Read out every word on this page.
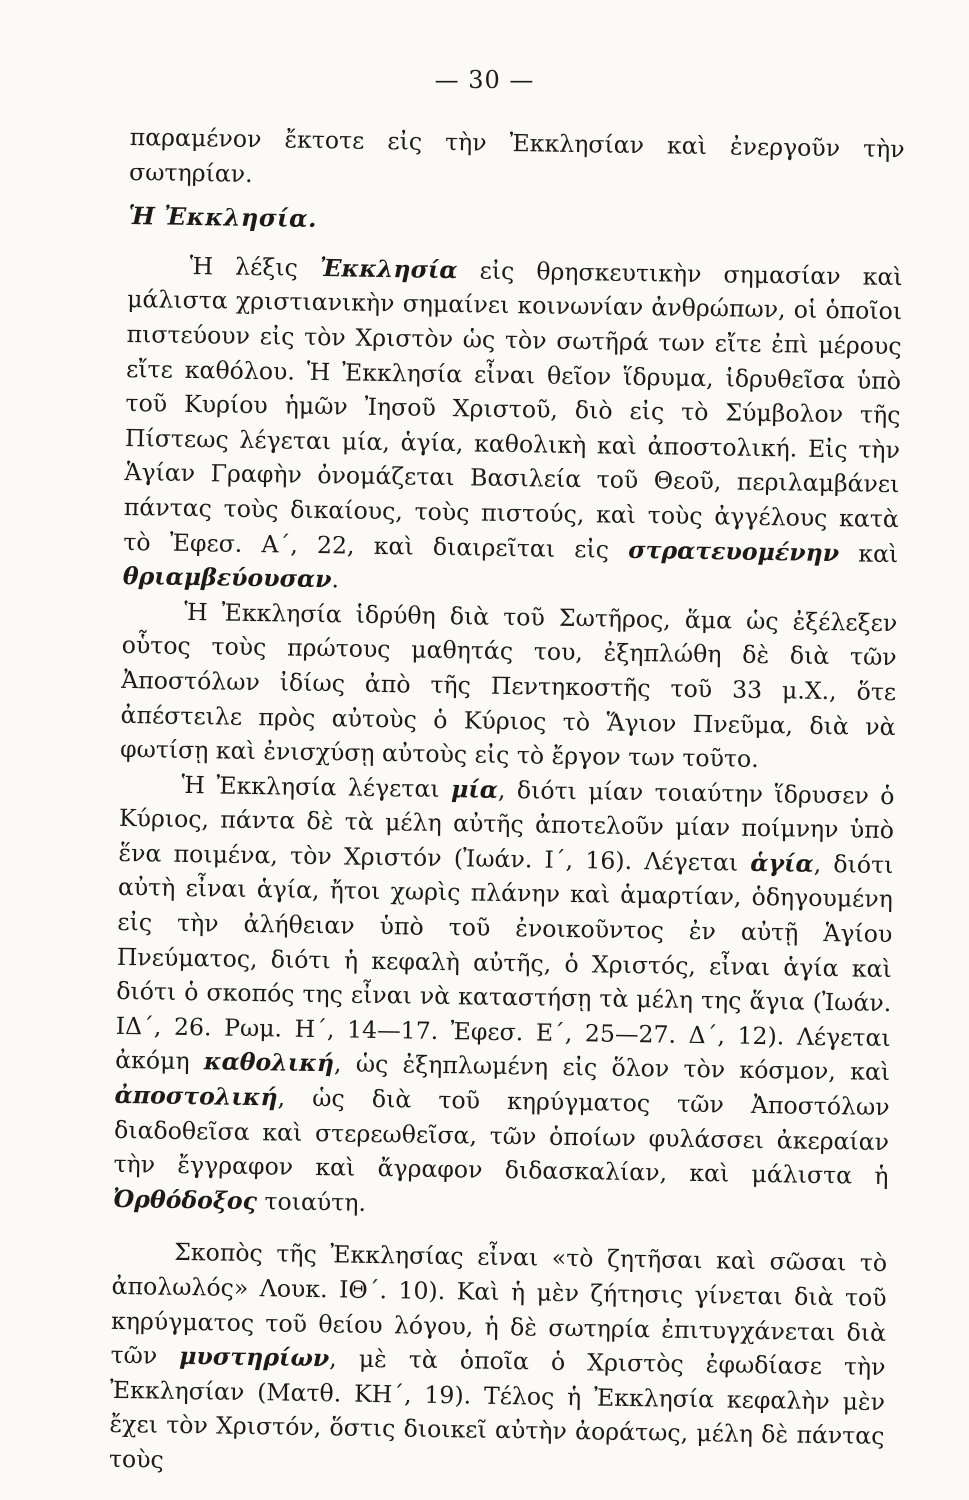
— 30 —

παραμένον ἔκτοτε εἰς τὴν Ἐκκλησίαν καὶ ἐνεργοῦν τὴν σωτηρίαν.

Ἡ Ἐκκλησία.

Ἡ λέξις Ἐκκλησία εἰς θρησκευτικὴν σημασίαν καὶ μάλιστα χριστιανικὴν σημαίνει κοινωνίαν ἀνθρώπων, οἱ ὁποῖοι πιστεύουν εἰς τὸν Χριστὸν ὡς τὸν σωτῆρά των εἴτε ἐπὶ μέρους εἴτε καθόλου. Ἡ Ἐκκλησία εἶναι θεῖον ἵδρυμα, ἱδρυθεῖσα ὑπὸ τοῦ Κυρίου ἡμῶν Ἰησοῦ Χριστοῦ, διὸ εἰς τὸ Σύμβολον τῆς Πίστεως λέγεται μία, ἁγία, καθολικὴ καὶ ἀποστολική. Εἰς τὴν Ἁγίαν Γραφὴν ὀνομάζεται Βασιλεία τοῦ Θεοῦ, περιλαμβάνει πάντας τοὺς δικαίους, τοὺς πιστούς, καὶ τοὺς ἀγγέλους κατὰ τὸ Ἐφεσ. Α΄, 22, καὶ διαιρεῖται εἰς στρατευομένην καὶ θριαμβεύουσαν.

Ἡ Ἐκκλησία ἱδρύθη διὰ τοῦ Σωτῆρος, ἅμα ὡς ἐξέλεξεν οὗτος τοὺς πρώτους μαθητάς του, ἐξηπλώθη δὲ διὰ τῶν Ἀποστόλων ἰδίως ἀπὸ τῆς Πεντηκοστῆς τοῦ 33 μ.Χ., ὅτε ἀπέστειλε πρὸς αὐτοὺς ὁ Κύριος τὸ Ἅγιον Πνεῦμα, διὰ νὰ φωτίσῃ καὶ ἐνισχύσῃ αὐτοὺς εἰς τὸ ἔργον των τοῦτο.

Ἡ Ἐκκλησία λέγεται μία, διότι μίαν τοιαύτην ἵδρυσεν ὁ Κύριος, πάντα δὲ τὰ μέλη αὐτῆς ἀποτελοῦν μίαν ποίμνην ὑπὸ ἕνα ποιμένα, τὸν Χριστόν (Ἰωάν. Ι΄, 16). Λέγεται ἁγία, διότι αὐτὴ εἶναι ἁγία, ἤτοι χωρὶς πλάνην καὶ ἁμαρτίαν, ὁδηγουμένη εἰς τὴν ἀλήθειαν ὑπὸ τοῦ ἐνοικοῦντος ἐν αὐτῇ Ἁγίου Πνεύματος, διότι ἡ κεφαλὴ αὐτῆς, ὁ Χριστός, εἶναι ἁγία καὶ διότι ὁ σκοπός της εἶναι νὰ καταστήσῃ τὰ μέλη της ἅγια (Ἰωάν. ΙΔ΄, 26. Ρωμ. Η΄, 14—17. Ἐφεσ. Ε΄, 25—27. Δ΄, 12). Λέγεται ἀκόμη καθολική, ὡς ἐξηπλωμένη εἰς ὅλον τὸν κόσμον, καὶ ἀποστολική, ὡς διὰ τοῦ κηρύγματος τῶν Ἀποστόλων διαδοθεῖσα καὶ στερεωθεῖσα, τῶν ὁποίων φυλάσσει ἀκεραίαν τὴν ἔγγραφον καὶ ἄγραφον διδασκαλίαν, καὶ μάλιστα ἡ Ὀρθόδοξος τοιαύτη.

Σκοπὸς τῆς Ἐκκλησίας εἶναι «τὸ ζητῆσαι καὶ σῶσαι τὸ ἀπολωλός» Λουκ. ΙΘ΄. 10). Καὶ ἡ μὲν ζήτησις γίνεται διὰ τοῦ κηρύγματος τοῦ θείου λόγου, ἡ δὲ σωτηρία ἐπιτυγχάνεται διὰ τῶν μυστηρίων, μὲ τὰ ὁποῖα ὁ Χριστὸς ἐφωδίασε τὴν Ἐκκλησίαν (Ματθ. ΚΗ΄, 19). Τέλος ἡ Ἐκκλησία κεφαλὴν μὲν ἔχει τὸν Χριστόν, ὅστις διοικεῖ αὐτὴν ἀοράτως, μέλη δὲ πάντας τοὺς
